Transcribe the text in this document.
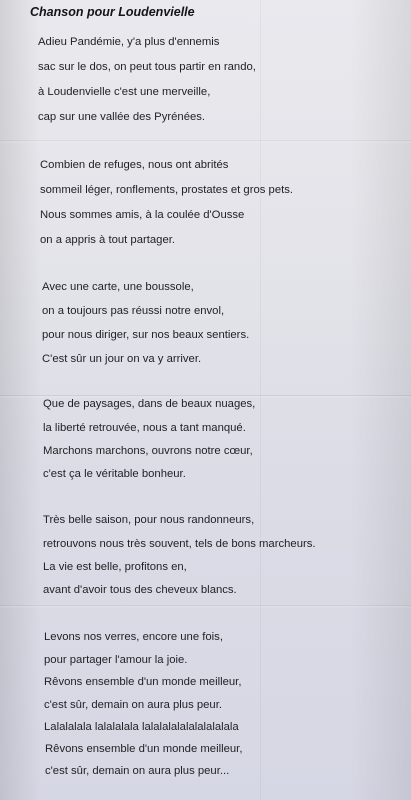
Chanson pour Loudenvielle
Adieu Pandémie, y'a plus d'ennemis
sac sur le dos, on peut tous partir en rando,
à Loudenvielle c'est une merveille,
cap sur une vallée des Pyrénées.
Combien de refuges, nous ont abrités
sommeil léger, ronflements, prostates et gros pets.
Nous sommes amis, à la coulée d'Ousse
on a appris à tout partager.
Avec une carte, une boussole,
on a toujours pas réussi notre envol,
pour nous diriger, sur nos beaux sentiers.
C'est sûr un jour on va y arriver.
Que de paysages, dans de beaux nuages,
la liberté retrouvée, nous a tant manqué.
Marchons marchons, ouvrons notre cœur,
c'est ça le véritable bonheur.
Très belle saison, pour nous randonneurs,
retrouvons nous très souvent, tels de bons marcheurs.
La vie est belle, profitons en,
avant d'avoir tous des cheveux blancs.
Levons nos verres, encore une fois,
pour partager l'amour la joie.
Rêvons ensemble d'un monde meilleur,
c'est sûr, demain on aura plus peur.
Lalalalala lalalalala lalalalalalalalalalala
Rêvons ensemble d'un monde meilleur,
c'est sûr, demain on aura plus peur...
